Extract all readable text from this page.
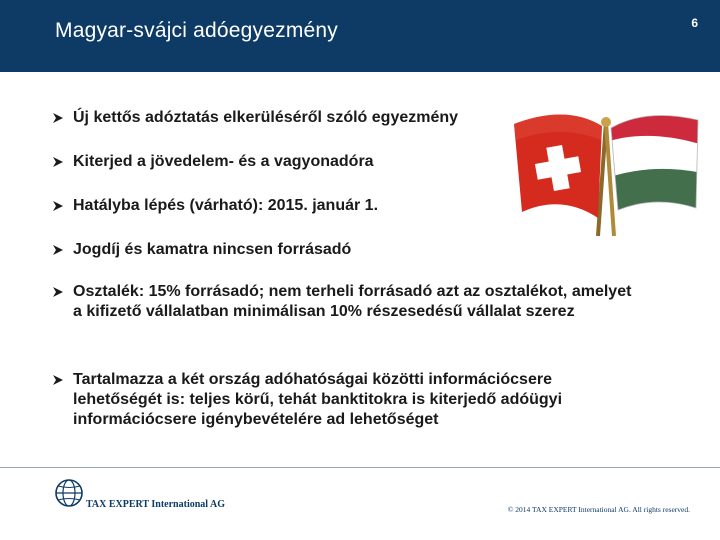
Magyar-svájci adóegyezmény	6
Új kettős adóztatás elkerüléséről szóló egyezmény
Kiterjed a jövedelem- és a vagyonadóra
Hatályba lépés (várható): 2015. január 1.
Jogdíj és kamatra nincsen forrásadó
Osztalék: 15% forrásadó; nem terheli forrásadó azt az osztalékot, amelyet a kifizető vállalatban minimálisan 10% részesedésű vállalat szerez
Tartalmazza a két ország adóhatóságai közötti információcsere lehetőségét is: teljes körű, tehát banktitokra is kiterjedő adóügyi információcsere igénybevételére ad lehetőséget
TAX EXPERT International AG	© 2014 TAX EXPERT International AG. All rights reserved.
